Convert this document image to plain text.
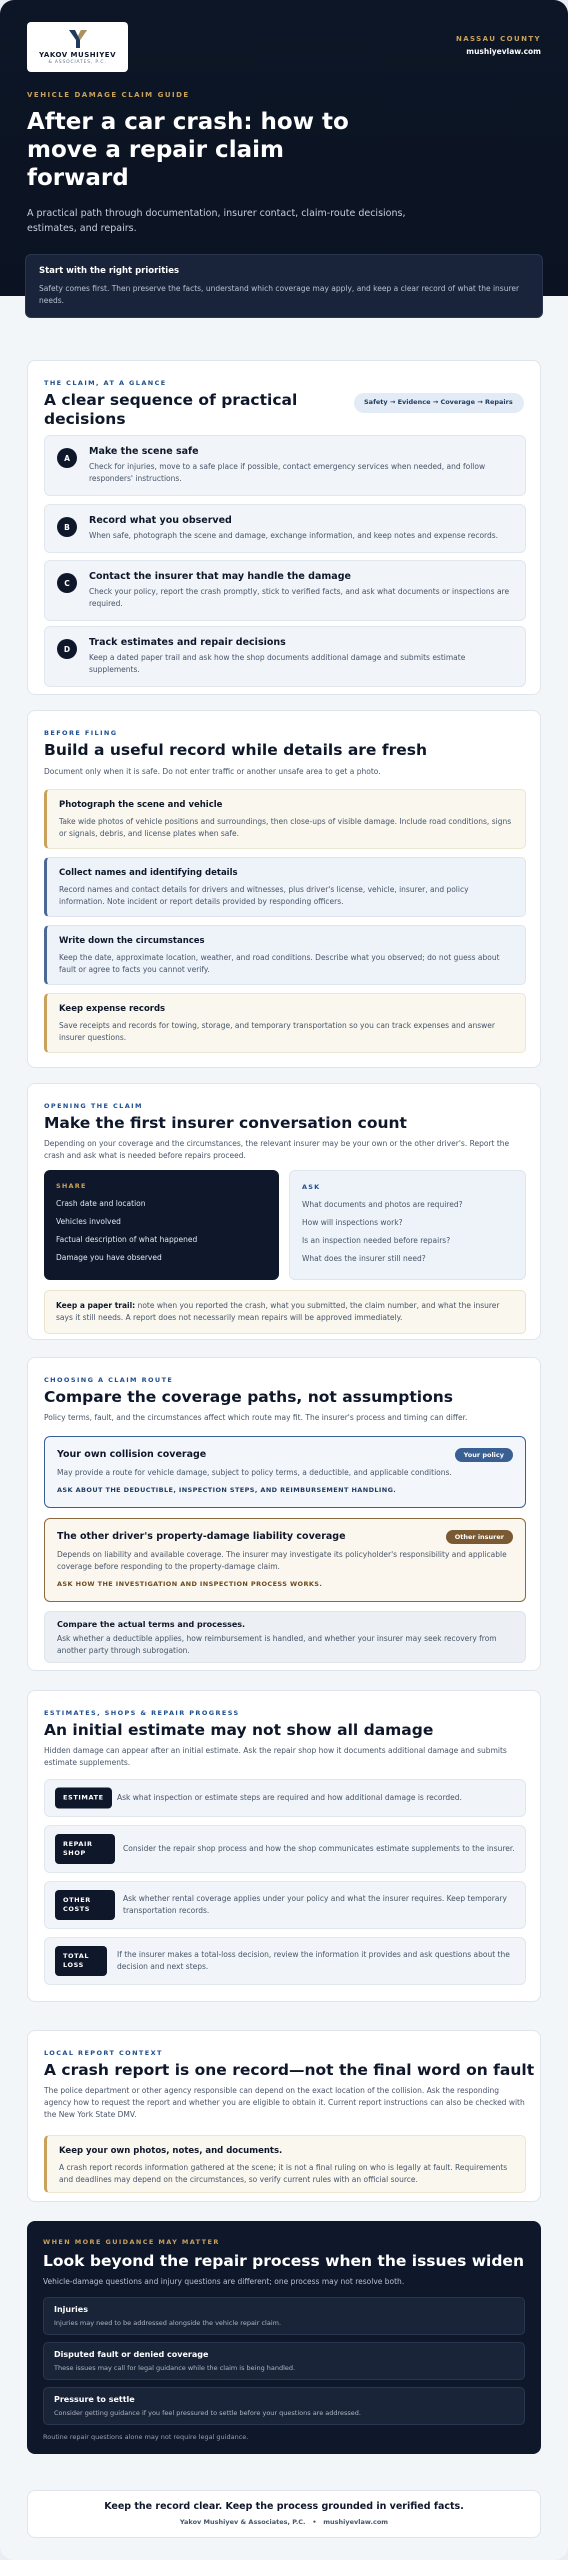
YAKOV MUSHIYEV
& ASSOCIATES, P.C.
NASSAU COUNTY
mushiyevlaw.com
VEHICLE DAMAGE CLAIM GUIDE
After a car crash: how to move a repair claim forward
A practical path through documentation, insurer contact, claim-route decisions, estimates, and repairs.
Start with the right priorities
Safety comes first. Then preserve the facts, understand which coverage may apply, and keep a clear record of what the insurer needs.
THE CLAIM, AT A GLANCE
A clear sequence of practical decisions
Safety → Evidence → Coverage → Repairs
A
Make the scene safe
Check for injuries, move to a safe place if possible, contact emergency services when needed, and follow responders' instructions.
B
Record what you observed
When safe, photograph the scene and damage, exchange information, and keep notes and expense records.
C
Contact the insurer that may handle the damage
Check your policy, report the crash promptly, stick to verified facts, and ask what documents or inspections are required.
D
Track estimates and repair decisions
Keep a dated paper trail and ask how the shop documents additional damage and submits estimate supplements.
BEFORE FILING
Build a useful record while details are fresh
Document only when it is safe. Do not enter traffic or another unsafe area to get a photo.
Photograph the scene and vehicle
Take wide photos of vehicle positions and surroundings, then close-ups of visible damage. Include road conditions, signs or signals, debris, and license plates when safe.
Collect names and identifying details
Record names and contact details for drivers and witnesses, plus driver's license, vehicle, insurer, and policy information. Note incident or report details provided by responding officers.
Write down the circumstances
Keep the date, approximate location, weather, and road conditions. Describe what you observed; do not guess about fault or agree to facts you cannot verify.
Keep expense records
Save receipts and records for towing, storage, and temporary transportation so you can track expenses and answer insurer questions.
OPENING THE CLAIM
Make the first insurer conversation count
Depending on your coverage and the circumstances, the relevant insurer may be your own or the other driver's. Report the crash and ask what is needed before repairs proceed.
SHARE
Crash date and location
Vehicles involved
Factual description of what happened
Damage you have observed
ASK
What documents and photos are required?
How will inspections work?
Is an inspection needed before repairs?
What does the insurer still need?
Keep a paper trail: note when you reported the crash, what you submitted, the claim number, and what the insurer says it still needs. A report does not necessarily mean repairs will be approved immediately.
CHOOSING A CLAIM ROUTE
Compare the coverage paths, not assumptions
Policy terms, fault, and the circumstances affect which route may fit. The insurer's process and timing can differ.
Your own collision coverage	Your policy
May provide a route for vehicle damage, subject to policy terms, a deductible, and applicable conditions.
ASK ABOUT THE DEDUCTIBLE, INSPECTION STEPS, AND REIMBURSEMENT HANDLING.
The other driver's property-damage liability coverage	Other insurer
Depends on liability and available coverage. The insurer may investigate its policyholder's responsibility and applicable coverage before responding to the property-damage claim.
ASK HOW THE INVESTIGATION AND INSPECTION PROCESS WORKS.
Compare the actual terms and processes.
Ask whether a deductible applies, how reimbursement is handled, and whether your insurer may seek recovery from another party through subrogation.
ESTIMATES, SHOPS & REPAIR PROGRESS
An initial estimate may not show all damage
Hidden damage can appear after an initial estimate. Ask the repair shop how it documents additional damage and submits estimate supplements.
ESTIMATE	Ask what inspection or estimate steps are required and how additional damage is recorded.
REPAIR SHOP	Consider the repair shop process and how the shop communicates estimate supplements to the insurer.
OTHER COSTS
Ask whether rental coverage applies under your policy and what the insurer requires. Keep temporary transportation records.
TOTAL LOSS
If the insurer makes a total-loss decision, review the information it provides and ask questions about the decision and next steps.
LOCAL REPORT CONTEXT
A crash report is one record—not the final word on fault
The police department or other agency responsible can depend on the exact location of the collision. Ask the responding agency how to request the report and whether you are eligible to obtain it. Current report instructions can also be checked with the New York State DMV.
Keep your own photos, notes, and documents.
A crash report records information gathered at the scene; it is not a final ruling on who is legally at fault. Requirements and deadlines may depend on the circumstances, so verify current rules with an official source.
WHEN MORE GUIDANCE MAY MATTER
Look beyond the repair process when the issues widen
Vehicle-damage questions and injury questions are different; one process may not resolve both.
Injuries
Injuries may need to be addressed alongside the vehicle repair claim.
Disputed fault or denied coverage
These issues may call for legal guidance while the claim is being handled.
Pressure to settle
Consider getting guidance if you feel pressured to settle before your questions are addressed.
Routine repair questions alone may not require legal guidance.
Keep the record clear. Keep the process grounded in verified facts.
Yakov Mushiyev & Associates, P.C.   •   mushiyevlaw.com
